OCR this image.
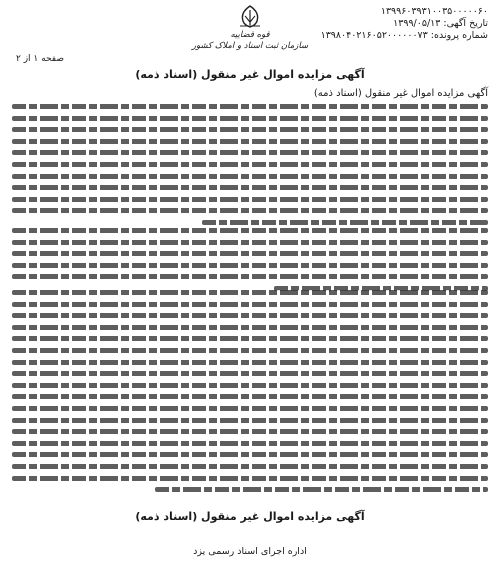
۱۳۹۹۶۰۳۹۳۱۰۰۳۵۰۰۰۰۰۶۰
تاریخ آگهی: ۱۳۹۹/۰۵/۱۳
شماره پرونده: ۱۳۹۸۰۴۰۲۱۶۰۵۲۰۰۰۰۰۰۷۳
قوه قضاییه
سازمان ثبت اسناد و املاک کشور
صفحه ۱ از ۲
آگهی مزایده اموال غیر منقول (اسناد ذمه)
آگهی مزایده اموال غیر منقول (اسناد ذمه)
آگهی مزایده اموال غیر منقول (اسناد ذمه)
اداره اجرای اسناد رسمی یزد
